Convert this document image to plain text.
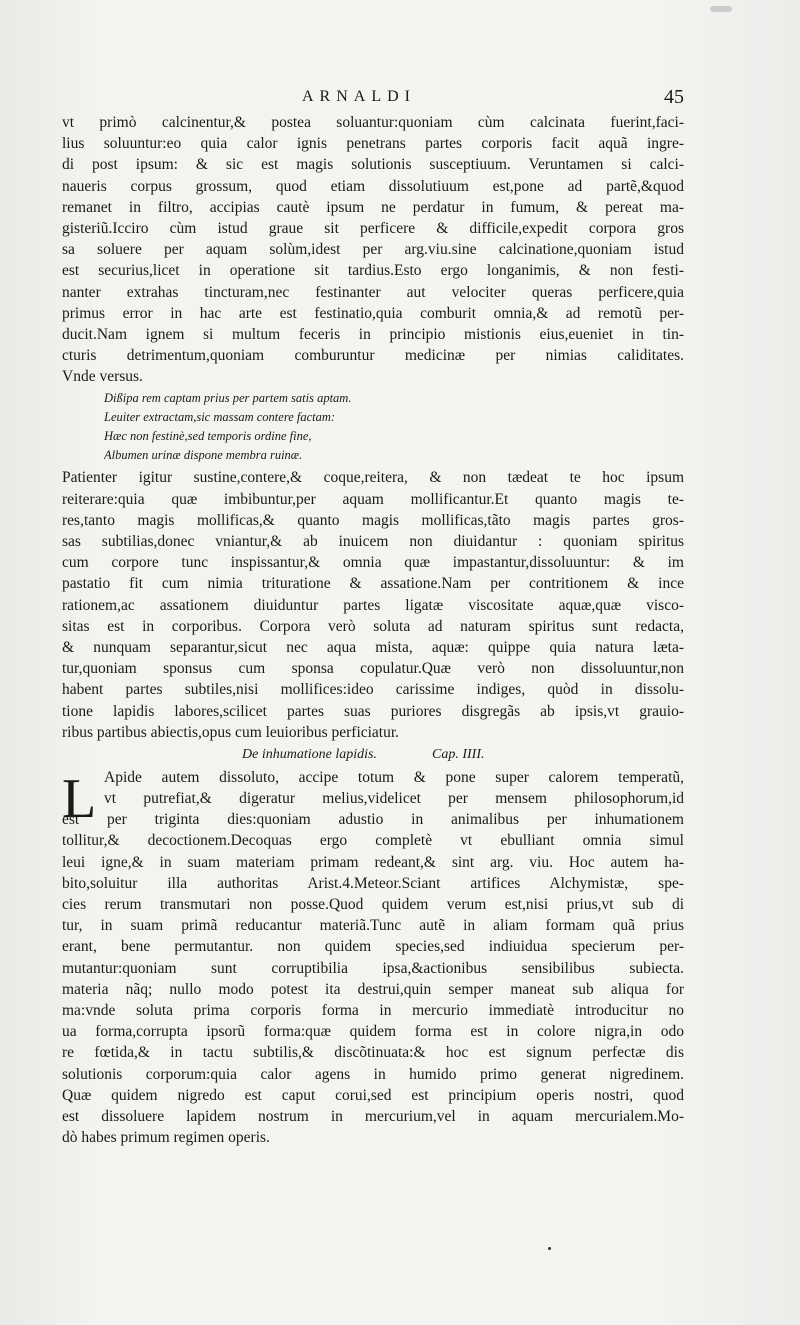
ARNALDI	45
vt primò calcinentur,& postea soluantur:quoniam cùm calcinata fuerint,faci-
lius soluuntur:eo quia calor ignis penetrans partes corporis facit aquã ingre-
di post ipsum: & sic est magis solutionis susceptiuum. Veruntamen si calci-
naueris corpus grossum, quod etiam dissolutiuum est,pone ad partẽ,&quod
remanet in filtro, accipias cautè ipsum ne perdatur in fumum, & pereat ma-
gisteriũ.Icciro cùm istud graue sit perficere & difficile,expedit corpora gros
sa soluere per aquam solùm,idest per arg.viu.sine calcinatione,quoniam istud
est securius,licet in operatione sit tardius.Esto ergo longanimis, & non festi-
nanter extrahas tincturam,nec festinanter aut velociter queras perficere,quia
primus error in hac arte est festinatio,quia comburit omnia,& ad remotũ per-
ducit.Nam ignem si multum feceris in principio mistionis eius,eueniet in tin-
cturis detrimentum,quoniam comburuntur medicinæ per nimias caliditates.
Vnde versus.
Dißipa rem captam prius per partem satis aptam.
Leuiter extractam,sic massam contere factam:
Hæc non festinè,sed temporis ordine fine,
Albumen urinæ dispone membra ruinæ.
Patienter igitur sustine,contere,& coque,reitera, & non tædeat te hoc ipsum
reiterare:quia quæ imbibuntur,per aquam mollificantur.Et quanto magis te-
res,tanto magis mollificas,& quanto magis mollificas,tãto magis partes gros-
sas subtilias,donec vniantur,& ab inuicem non diuidantur : quoniam spiritus
cum corpore tunc inspissantur,& omnia quæ impastantur,dissoluuntur: & im
pastatio fit cum nimia trituratione & assatione.Nam per contritionem & ince
rationem,ac assationem diuiduntur partes ligatæ viscositate aquæ,quæ visco-
sitas est in corporibus. Corpora verò soluta ad naturam spiritus sunt redacta,
& nunquam separantur,sicut nec aqua mista, aquæ: quippe quia natura læta-
tur,quoniam sponsus cum sponsa copulatur.Quæ verò non dissoluuntur,non
habent partes subtiles,nisi mollifices:ideo carissime indiges, quòd in dissolu-
tione lapidis labores,scilicet partes suas puriores disgregãs ab ipsis,vt grauio-
ribus partibus abiectis,opus cum leuioribus perficiatur.
De inhumatione lapidis.	Cap. IIII.
L Apide autem dissoluto, accipe totum & pone super calorem temperatũ,
vt putrefiat,& digeratur melius,videlicet per mensem philosophorum,id
est per triginta dies:quoniam adustio in animalibus per inhumationem
tollitur,& decoctionem.Decoquas ergo completè vt ebulliant omnia simul
leui igne,& in suam materiam primam redeant,& sint arg. viu. Hoc autem ha-
bito,soluitur illa authoritas Arist.4.Meteor.Sciant artifices Alchymistæ, spe-
cies rerum transmutari non posse.Quod quidem verum est,nisi prius,vt sub di
tur, in suam primã reducantur materiã.Tunc autẽ in aliam formam quã prius
erant, bene permutantur. non quidem species,sed indiuidua specierum per-
mutantur:quoniam sunt corruptibilia ipsa,&actionibus sensibilibus subiecta.
materia nãq; nullo modo potest ita destrui,quin semper maneat sub aliqua for
ma:vnde soluta prima corporis forma in mercurio immediatè introducitur no
ua forma,corrupta ipsorũ forma:quæ quidem forma est in colore nigra,in odo
re fœtida,& in tactu subtilis,& discõtinuata:& hoc est signum perfectæ dis
solutionis corporum:quia calor agens in humido primo generat nigredinem.
Quæ quidem nigredo est caput corui,sed est principium operis nostri, quod
est dissoluere lapidem nostrum in mercurium,vel in aquam mercurialem.Mo-
dò habes primum regimen operis.
